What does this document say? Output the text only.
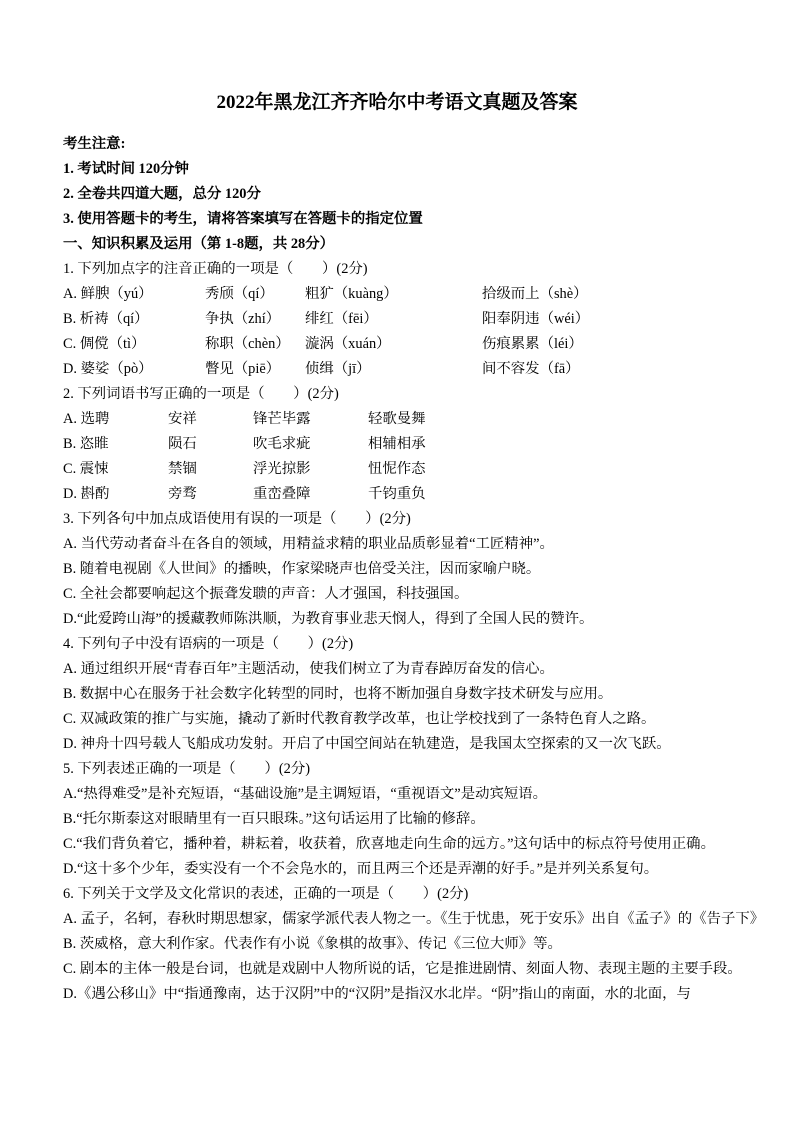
2022年黑龙江齐齐哈尔中考语文真题及答案

考生注意:

1. 考试时间 120分钟

2. 全卷共四道大题，总分 120分

3. 使用答题卡的考生，请将答案填写在答题卡的指定位置

一、知识积累及运用（第 1-8题，共 28分）

1. 下列加点字的注音正确的一项是（　　）(2分)

A. 鲜腴（yú）	秀颀（qí）	粗犷（kuàng）	拾级而上（shè）
B. 析祷（qí）	争执（zhí）	绯红（fēi）	阳奉阴违（wéi）
C. 倜傥（tì）	称职（chèn）	漩涡（xuán）	伤痕累累（léi）
D. 婆娑（pò）	瞥见（piē）	侦缉（jī）	间不容发（fā）

2. 下列词语书写正确的一项是（　　）(2分)

A. 选聘	安祥	锋芒毕露	轻歌曼舞
B. 恣睢	陨石	吹毛求疵	相辅相承
C. 震悚	禁锢	浮光掠影	忸怩作态
D. 斟酌	旁骛	重峦叠障	千钧重负

3. 下列各句中加点成语使用有误的一项是（　　）(2分)

A. 当代劳动者奋斗在各自的领域，用精益求精的职业品质彰显着“工匠精神”。

B. 随着电视剧《人世间》的播映，作家梁晓声也倍受关注，因而家喻户晓。

C. 全社会都要响起这个振聋发聩的声音：人才强国，科技强国。

D.“此爱跨山海”的援藏教师陈洪顺，为教育事业悲天悯人，得到了全国人民的赞许。

4. 下列句子中没有语病的一项是（　　）(2分)

A. 通过组织开展“青春百年”主题活动，使我们树立了为青春踔厉奋发的信心。

B. 数据中心在服务于社会数字化转型的同时，也将不断加强自身数字技术研发与应用。

C. 双减政策的推广与实施，撬动了新时代教育教学改革，也让学校找到了一条特色育人之路。

D. 神舟十四号载人飞船成功发射。开启了中国空间站在轨建造，是我国太空探索的又一次飞跃。

5. 下列表述正确的一项是（　　）(2分)

A.“热得难受”是补充短语，“基础设施”是主调短语，“重视语文”是动宾短语。

B.“托尔斯泰这对眼睛里有一百只眼珠。”这句话运用了比输的修辞。

C.“我们背负着它，播种着，耕耘着，收获着，欣喜地走向生命的远方。”这句话中的标点符号使用正确。

D.“这十多个少年，委实没有一个不会凫水的，而且两三个还是弄潮的好手。”是并列关系复句。

6. 下列关于文学及文化常识的表述，正确的一项是（　　）(2分)

A. 孟子，名轲，春秋时期思想家，儒家学派代表人物之一。《生于忧患，死于安乐》出自《孟子》的《告子下》

B. 茨威格，意大利作家。代表作有小说《象棋的故事》、传记《三位大师》等。

C. 剧本的主体一般是台词，也就是戏剧中人物所说的话，它是推进剧情、刻面人物、表现主题的主要手段。

D.《遇公移山》中“指通豫南，达于汉阴”中的“汉阴”是指汉水北岸。“阴”指山的南面，水的北面，与
